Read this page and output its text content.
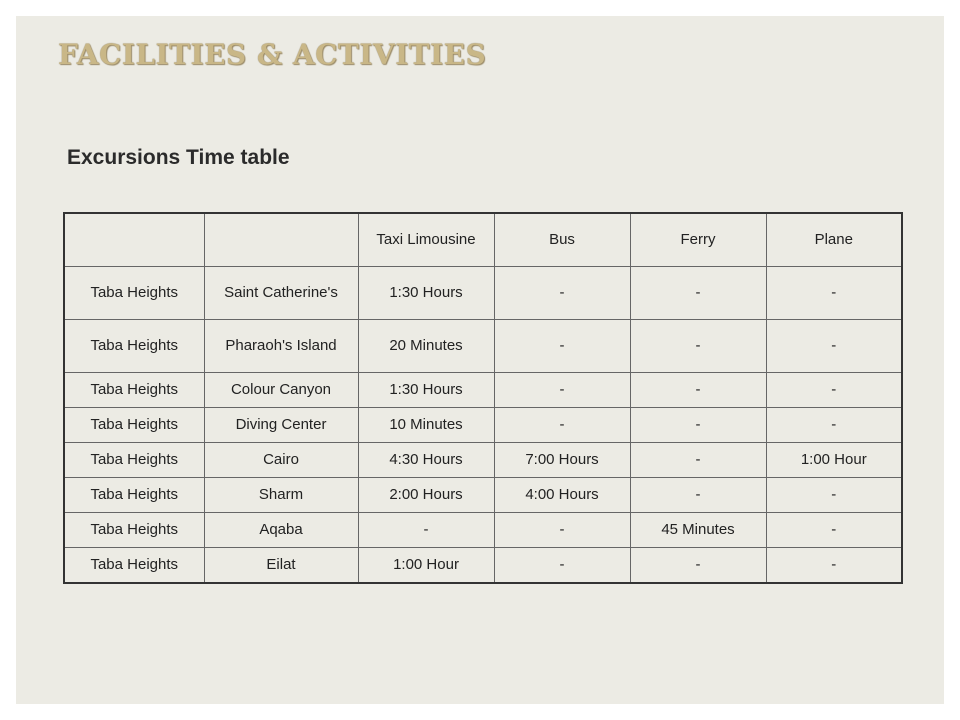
FACILITIES & ACTIVITIES
Excursions Time table
		Taxi Limousine	Bus	Ferry	Plane
Taba Heights	Saint Catherine's	1:30 Hours	-	-	-
Taba Heights	Pharaoh's Island	20 Minutes	-	-	-
Taba Heights	Colour Canyon	1:30 Hours	-	-	-
Taba Heights	Diving Center	10 Minutes	-	-	-
Taba Heights	Cairo	4:30 Hours	7:00 Hours	-	1:00 Hour
Taba Heights	Sharm	2:00 Hours	4:00 Hours	-	-
Taba Heights	Aqaba	-	-	45 Minutes	-
Taba Heights	Eilat	1:00 Hour	-	-	-
